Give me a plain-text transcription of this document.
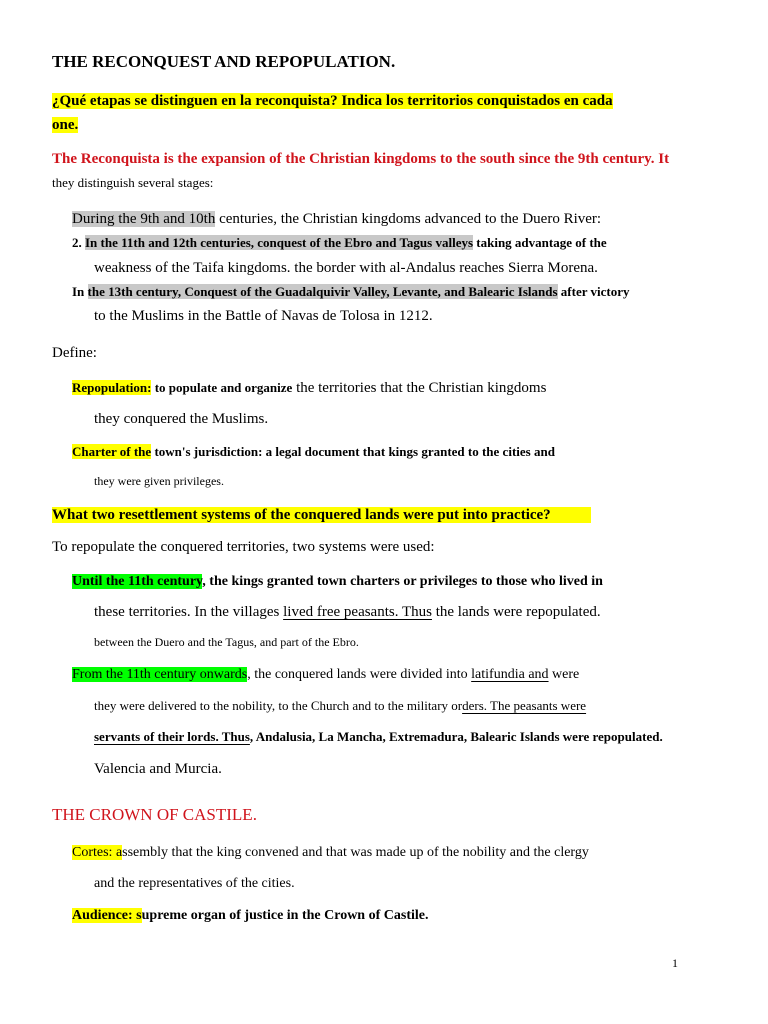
THE RECONQUEST AND REPOPULATION.
¿Qué etapas se distinguen en la reconquista? Indica los territorios conquistados en cada
one.
The Reconquista is the expansion of the Christian kingdoms to the south since the 9th century. It
they distinguish several stages:
During the 9th and 10th centuries, the Christian kingdoms advanced to the Duero River:
2. In the 11th and 12th centuries, conquest of the Ebro and Tagus valleys taking advantage of the
weakness of the Taifa kingdoms. the border with al-Andalus reaches Sierra Morena.
In the 13th century, Conquest of the Guadalquivir Valley, Levante, and Balearic Islands after victory
to the Muslims in the Battle of Navas de Tolosa in 1212.
Define:
Repopulation: to populate and organize the territories that the Christian kingdoms
they conquered the Muslims.
Charter of the town's jurisdiction: a legal document that kings granted to the cities and
they were given privileges.
What two resettlement systems of the conquered lands were put into practice?
To repopulate the conquered territories, two systems were used:
Until the 11th century, the kings granted town charters or privileges to those who lived in
these territories. In the villages lived free peasants. Thus the lands were repopulated.
between the Duero and the Tagus, and part of the Ebro.
From the 11th century onwards, the conquered lands were divided into latifundia and were
they were delivered to the nobility, to the Church and to the military orders. The peasants were
servants of their lords. Thus, Andalusia, La Mancha, Extremadura, Balearic Islands were repopulated.
Valencia and Murcia.
THE CROWN OF CASTILE.
Cortes: assembly that the king convened and that was made up of the nobility and the clergy
and the representatives of the cities.
Audience: supreme organ of justice in the Crown of Castile.
1
